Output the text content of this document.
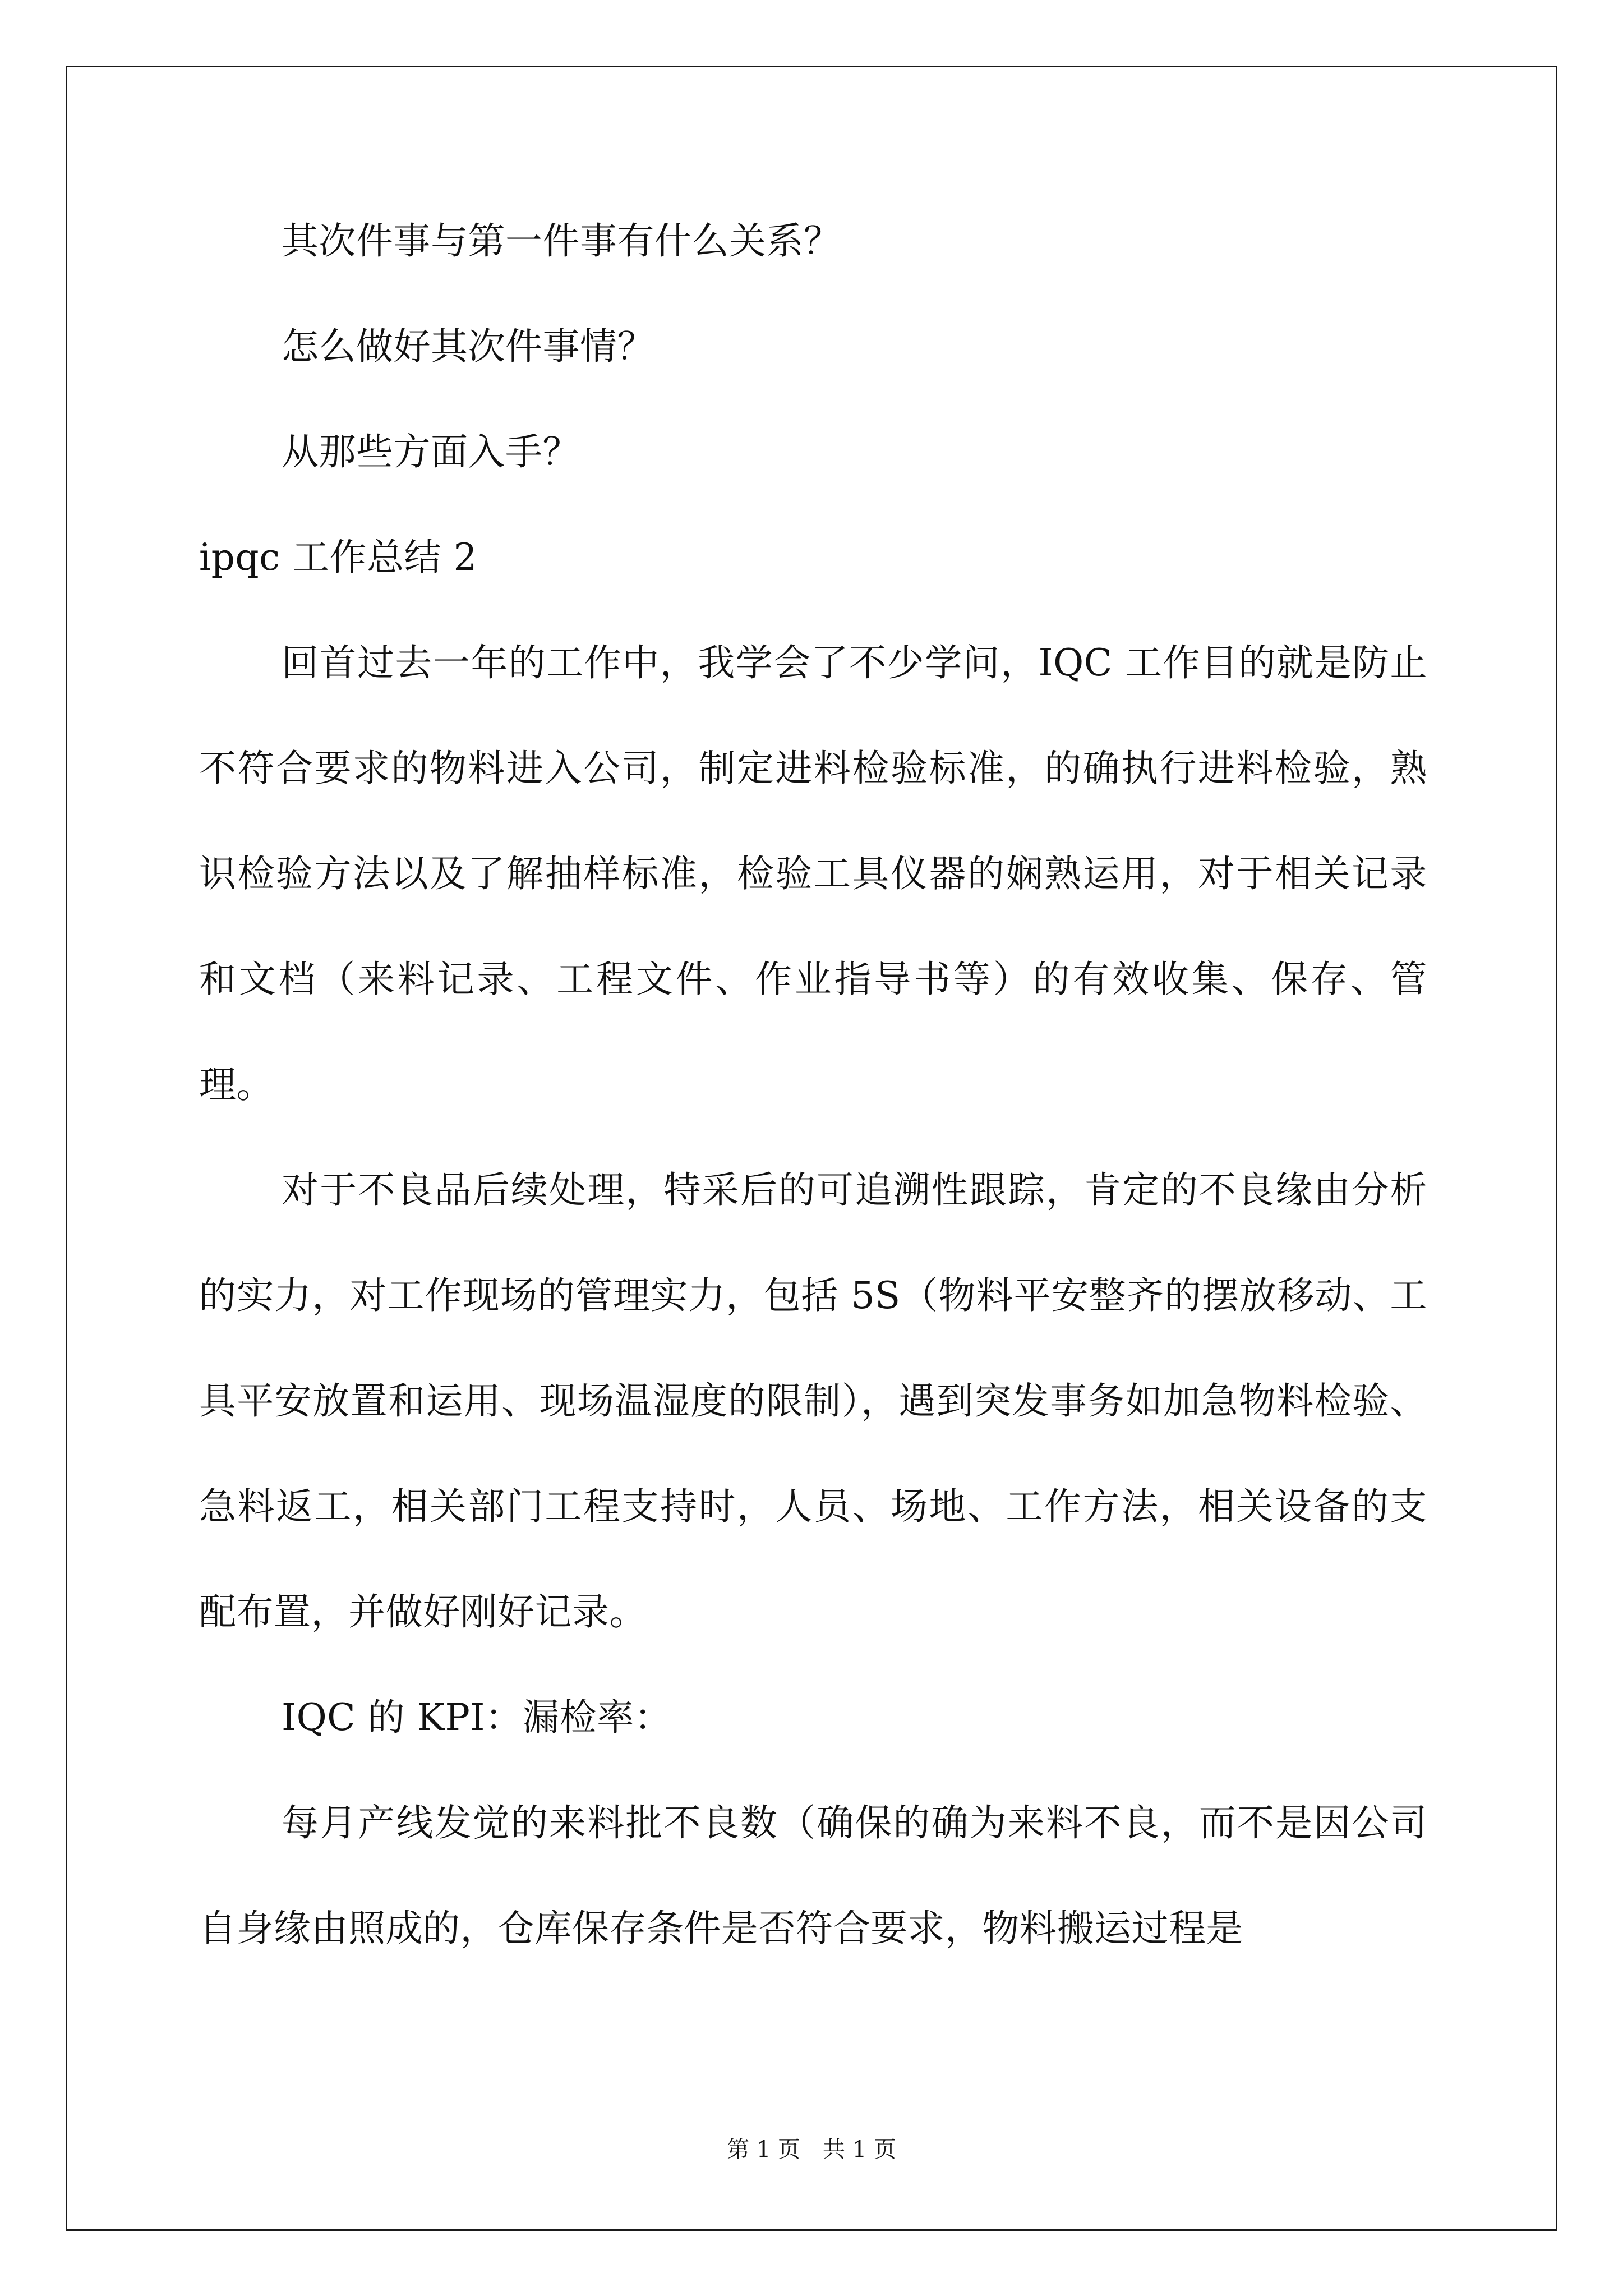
其次件事与第一件事有什么关系？

怎么做好其次件事情？

从那些方面入手？

ipqc 工作总结 2

回首过去一年的工作中，我学会了不少学问，IQC 工作目的就是防止不符合要求的物料进入公司，制定进料检验标准，的确执行进料检验，熟识检验方法以及了解抽样标准，检验工具仪器的娴熟运用，对于相关记录和文档（来料记录、工程文件、作业指导书等）的有效收集、保存、管理。

对于不良品后续处理，特采后的可追溯性跟踪，肯定的不良缘由分析的实力，对工作现场的管理实力，包括 5S（物料平安整齐的摆放移动、工具平安放置和运用、现场温湿度的限制），遇到突发事务如加急物料检验、急料返工，相关部门工程支持时，人员、场地、工作方法，相关设备的支配布置，并做好刚好记录。

IQC 的 KPI：漏检率：

每月产线发觉的来料批不良数（确保的确为来料不良，而不是因公司自身缘由照成的，仓库保存条件是否符合要求，物料搬运过程是

第 1 页　共 1 页
